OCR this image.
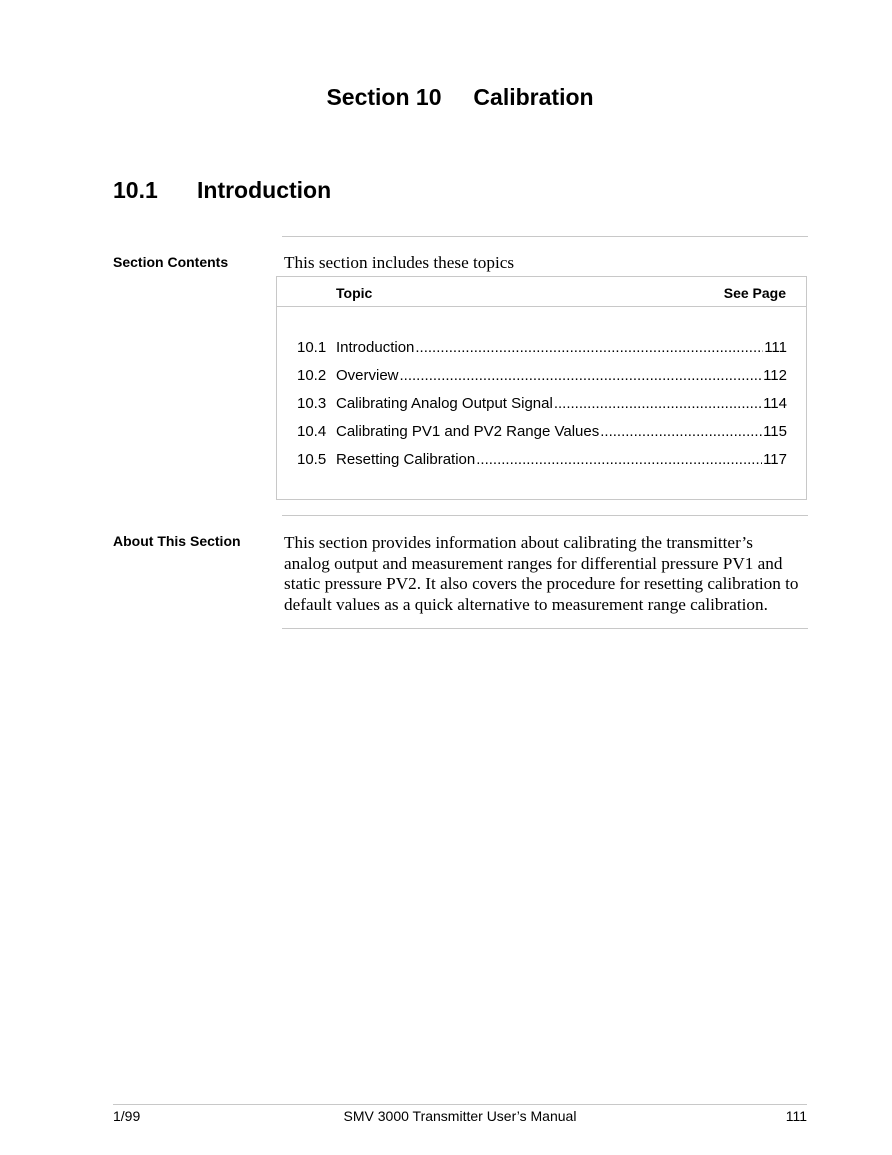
Section 10     Calibration
10.1	Introduction
Section Contents	This section includes these topics
Topic	See Page
10.1 Introduction .....	111
10.2 Overview .....	112
10.3 Calibrating Analog Output Signal .....	114
10.4 Calibrating PV1 and PV2 Range Values .....	115
10.5 Resetting Calibration .....	117
About This Section	This section provides information about calibrating the transmitter’s
analog output and measurement ranges for differential pressure PV1 and
static pressure PV2. It also covers the procedure for resetting calibration to
default values as a quick alternative to measurement range calibration.
1/99	SMV 3000 Transmitter User’s Manual	111
